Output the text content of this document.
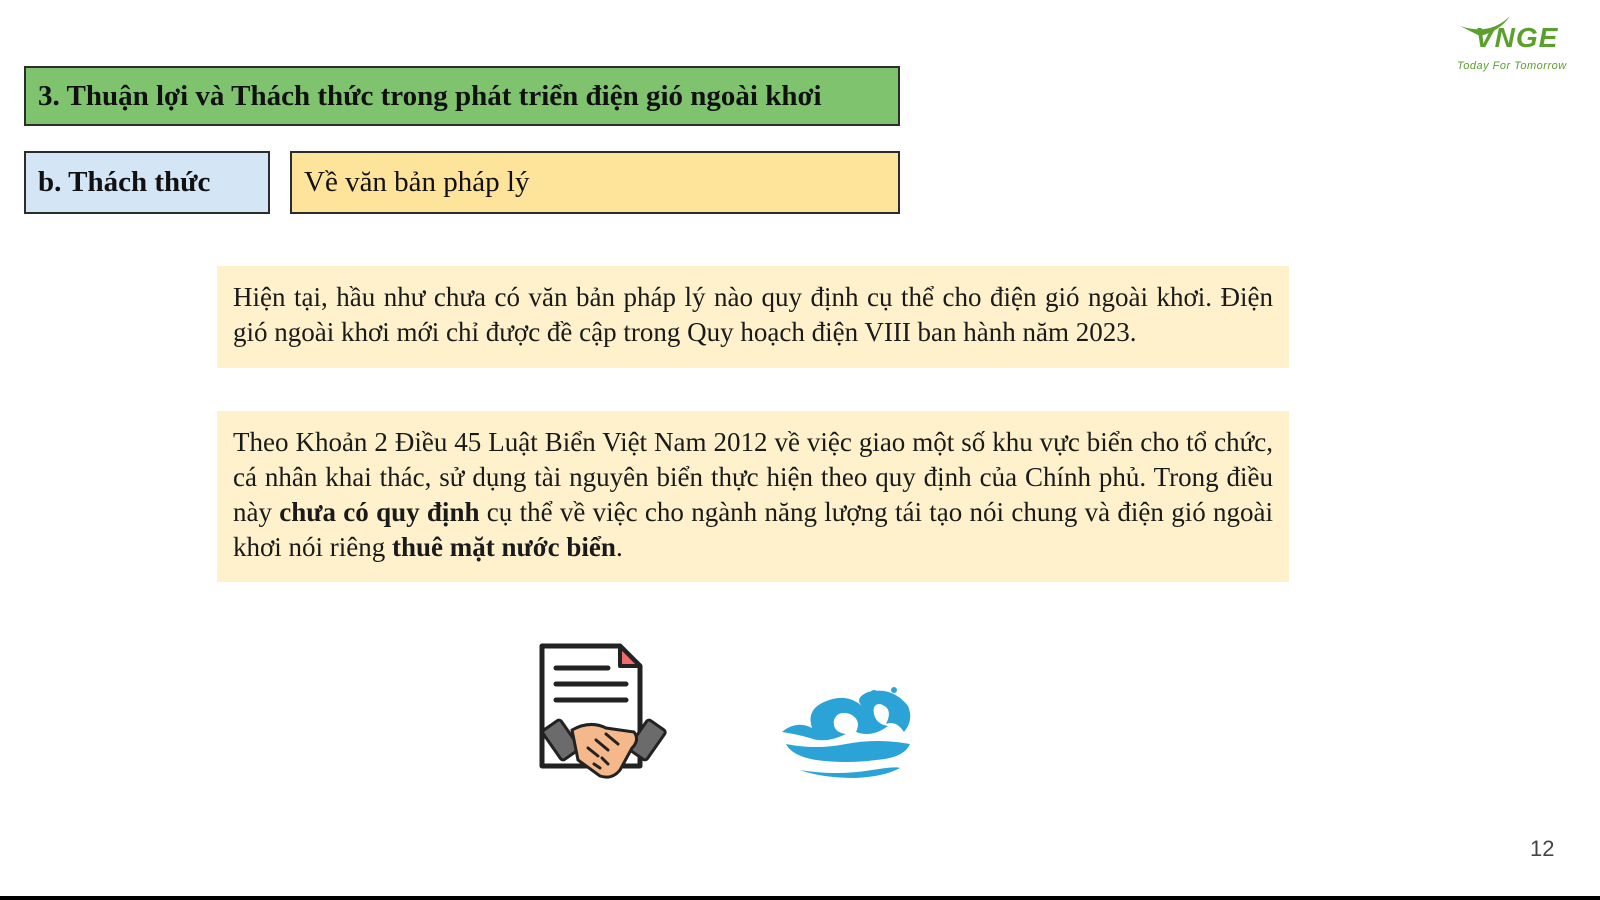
VNGE
Today For Tomorrow
3. Thuận lợi và Thách thức trong phát triển điện gió ngoài khơi
b. Thách thức	Về văn bản pháp lý
Hiện tại, hầu như chưa có văn bản pháp lý nào quy định cụ thể cho điện gió ngoài khơi. Điện gió ngoài khơi mới chỉ được đề cập trong Quy hoạch điện VIII ban hành năm 2023.
Theo Khoản 2 Điều 45 Luật Biển Việt Nam 2012 về việc giao một số khu vực biển cho tổ chức, cá nhân khai thác, sử dụng tài nguyên biển thực hiện theo quy định của Chính phủ. Trong điều này chưa có quy định cụ thể về việc cho ngành năng lượng tái tạo nói chung và điện gió ngoài khơi nói riêng thuê mặt nước biển.
12
